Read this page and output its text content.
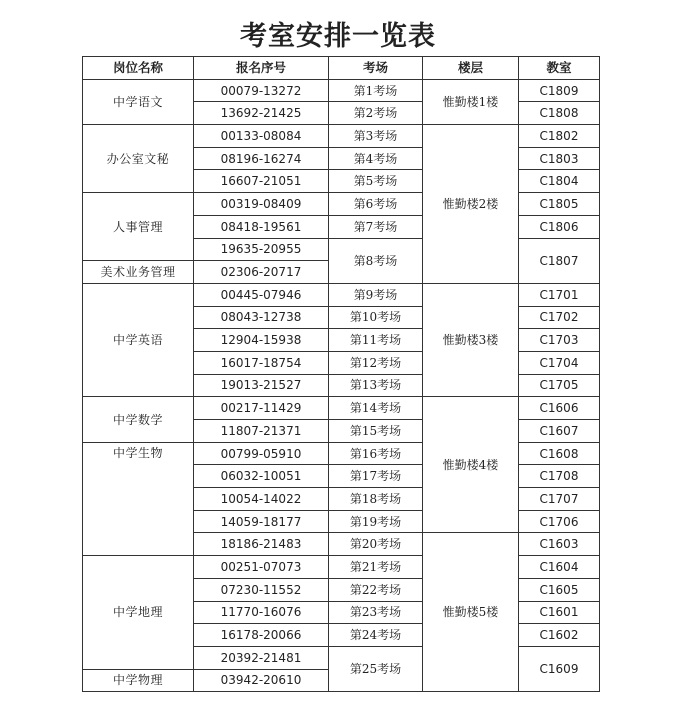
考室安排一览表
岗位名称	报名序号	考场	楼层	教室
中学语文	00079-13272	第1考场	惟勤楼1楼	C1809
	13692-21425	第2考场		C1808
办公室文秘	00133-08084	第3考场	惟勤楼2楼	C1802
	08196-16274	第4考场		C1803
	16607-21051	第5考场		C1804
人事管理	00319-08409	第6考场		C1805
	08418-19561	第7考场		C1806
	19635-20955	第8考场		C1807
美术业务管理	02306-20717			
中学英语	00445-07946	第9考场	惟勤楼3楼	C1701
	08043-12738	第10考场		C1702
	12904-15938	第11考场		C1703
	16017-18754	第12考场		C1704
	19013-21527	第13考场		C1705
中学数学	00217-11429	第14考场	惟勤楼4楼	C1606
	11807-21371	第15考场		C1607
中学生物	00799-05910	第16考场		C1608
	06032-10051	第17考场		C1708
	10054-14022	第18考场		C1707
	14059-18177	第19考场		C1706
	18186-21483	第20考场	惟勤楼5楼	C1603
中学地理	00251-07073	第21考场		C1604
	07230-11552	第22考场		C1605
	11770-16076	第23考场		C1601
	16178-20066	第24考场		C1602
	20392-21481	第25考场		C1609
中学物理	03942-20610			
